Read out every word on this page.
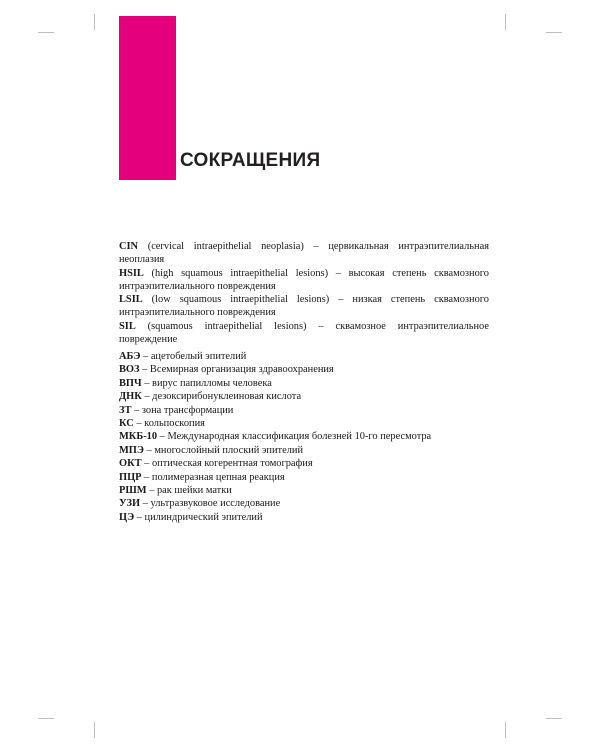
СОКРАЩЕНИЯ

CIN (cervical intraepithelial neoplasia) – цервикальная интраэпителиальная неоплазия

HSIL (high squamous intraepithelial lesions) – высокая степень сквамозного интраэпителиального повреждения

LSIL (low squamous intraepithelial lesions) – низкая степень сквамозного интраэпителиального повреждения

SIL (squamous intraepithelial lesions) – сквамозное интраэпителиальное повреждение

АБЭ – ацетобелый эпителий

ВОЗ – Всемирная организация здравоохранения

ВПЧ – вирус папилломы человека

ДНК – дезоксирибонуклеиновая кислота

ЗТ – зона трансформации

КС – кольпоскопия

МКБ-10 – Международная классификация болезней 10-го пересмотра

МПЭ – многослойный плоский эпителий

ОКТ – оптическая когерентная томография

ПЦР – полимеразная цепная реакция

РШМ – рак шейки матки

УЗИ – ультразвуковое исследование

ЦЭ – цилиндрический эпителий
